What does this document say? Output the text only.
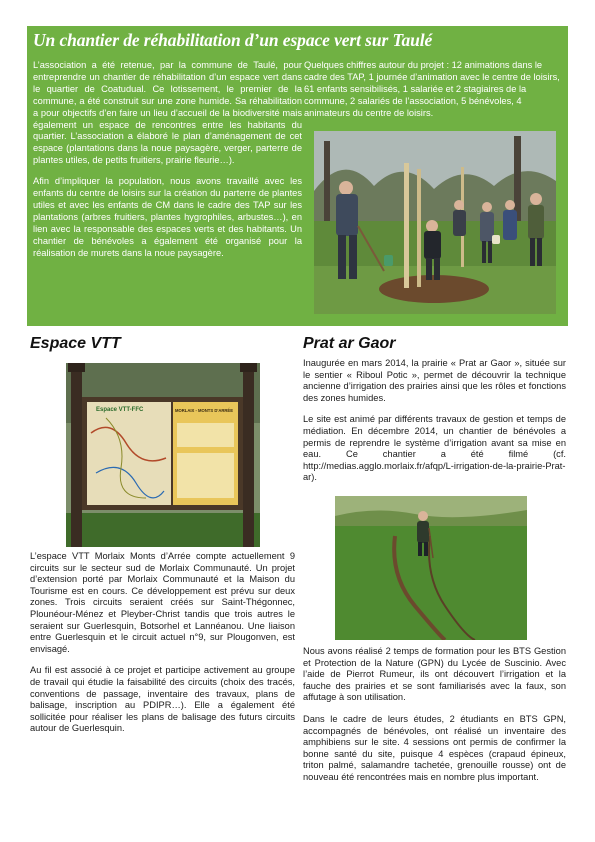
Un chantier de réhabilitation d’un espace vert sur Taulé

L’association a été retenue, par la commune de Taulé, pour entreprendre un chantier de réhabilitation d’un espace vert dans le quartier de Coatudual. Ce lotissement, le premier de la commune, a été construit sur une zone humide. Sa réhabilitation a pour objectifs d’en faire un lieu d’accueil de la biodiversité mais également un espace de rencontres entre les habitants du quartier. L’association a élaboré le plan d’aménagement de cet espace (plantations dans la noue paysagère, verger, parterre de plantes utiles, de petits fruitiers, prairie fleurie…).

Afin d’impliquer la population, nous avons travaillé avec les enfants du centre de loisirs sur la création du parterre de plantes utiles et avec les enfants de CM dans le cadre des TAP sur les plantations (arbres fruitiers, plantes hygrophiles, arbustes…), en lien avec la responsable des espaces verts et des habitants. Un chantier de bénévoles a également été organisé pour la réalisation de murets dans la noue paysagère.

Quelques chiffres autour du projet : 12 animations dans le cadre des TAP, 1 journée d’animation avec le centre de loisirs, 61 enfants sensibilisés, 1 salariée et 2 stagiaires de la commune, 2 salariés de l’association, 5 bénévoles, 4 animateurs du centre de loisirs.

Espace VTT
Espace VTT-FFC	MORLAIX - MONTS D'ARRÉE

L’espace VTT Morlaix Monts d’Arrée compte actuellement 9 circuits sur le secteur sud de Morlaix Communauté. Un projet d’extension porté par Morlaix Communauté et la Maison du Tourisme est en cours. Ce développement est prévu sur deux zones. Trois circuits seraient créés sur Saint-Thégonnec, Plounéour-Ménez et Pleyber-Christ tandis que trois autres le seraient sur Guerlesquin, Botsorhel et Lannéanou. Une liaison entre Guerlesquin et le circuit actuel n°9, sur Plougonven, est envisagé.

Au fil est associé à ce projet et participe activement au groupe de travail qui étudie la faisabilité des circuits (choix des tracés, conventions de passage, inventaire des travaux, plans de balisage, inscription au PDIPR…). Elle a également été sollicitée pour réaliser les plans de balisage des futurs circuits autour de Guerlesquin.

Prat ar Gaor

Inaugurée en mars 2014, la prairie « Prat ar Gaor », située sur le sentier « Riboul Potic », permet de découvrir la technique ancienne d’irrigation des prairies ainsi que les rôles et fonctions des zones humides.

Le site est animé par différents travaux de gestion et temps de médiation. En décembre 2014, un chantier de bénévoles a permis de reprendre le système d’irrigation avant sa mise en eau. Ce chantier a été filmé (cf. http://medias.agglo.morlaix.fr/afqp/L-irrigation-de-la-prairie-Prat-ar).

Nous avons réalisé 2 temps de formation pour les BTS Gestion et Protection de la Nature (GPN) du Lycée de Suscinio. Avec l’aide de Pierrot Rumeur, ils ont découvert l’irrigation et la fauche des prairies et se sont familiarisés avec la faux, son affutage à son utilisation.

Dans le cadre de leurs études, 2 étudiants en BTS GPN, accompagnés de bénévoles, ont réalisé un inventaire des amphibiens sur le site. 4 sessions ont permis de confirmer la bonne santé du site, puisque 4 espèces (crapaud épineux, triton palmé, salamandre tachetée, grenouille rousse) ont de nouveau été rencontrées mais en nombre plus important.
